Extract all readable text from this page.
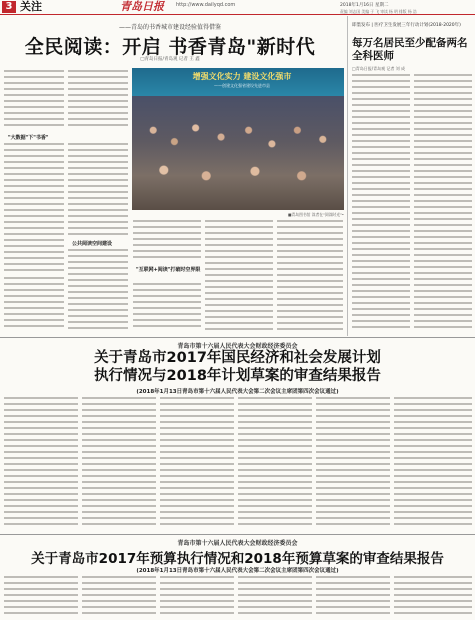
3 关注	青岛日报 http://www.dailyqd.com	2018年1月16日 星期二
责编 刘志国 美编 于 飞 审读 杨 明 排版 杨 浩
——青岛的书香城市建设经验值得借鉴
全民阅读：开启 书香青岛"新时代
□青岛日报/青岛观 记者 王 鑫
"大数据"下"书香"
公共阅读空间建设
增强文化实力 建设文化强市
——创建文化强省建设先进市县
■青岛图书馆 读者在"阅读时光"•
"互联网+阅读"打破时空界限
即墨发布 | 医疗卫生发展三年行动计划(2018-2020年)
每万名居民至少配备两名全科医师
□青岛日报/青岛观 记者 刘 成
青岛市第十六届人民代表大会财政经济委员会
关于青岛市2017年国民经济和社会发展计划
执行情况与2018年计划草案的审查结果报告
(2018年1月13日青岛市第十六届人民代表大会第二次会议主席团第四次会议通过)
青岛市第十六届人民代表大会财政经济委员会
关于青岛市2017年预算执行情况和2018年预算草案的审查结果报告
(2018年1月13日青岛市第十六届人民代表大会第二次会议主席团第四次会议通过)
